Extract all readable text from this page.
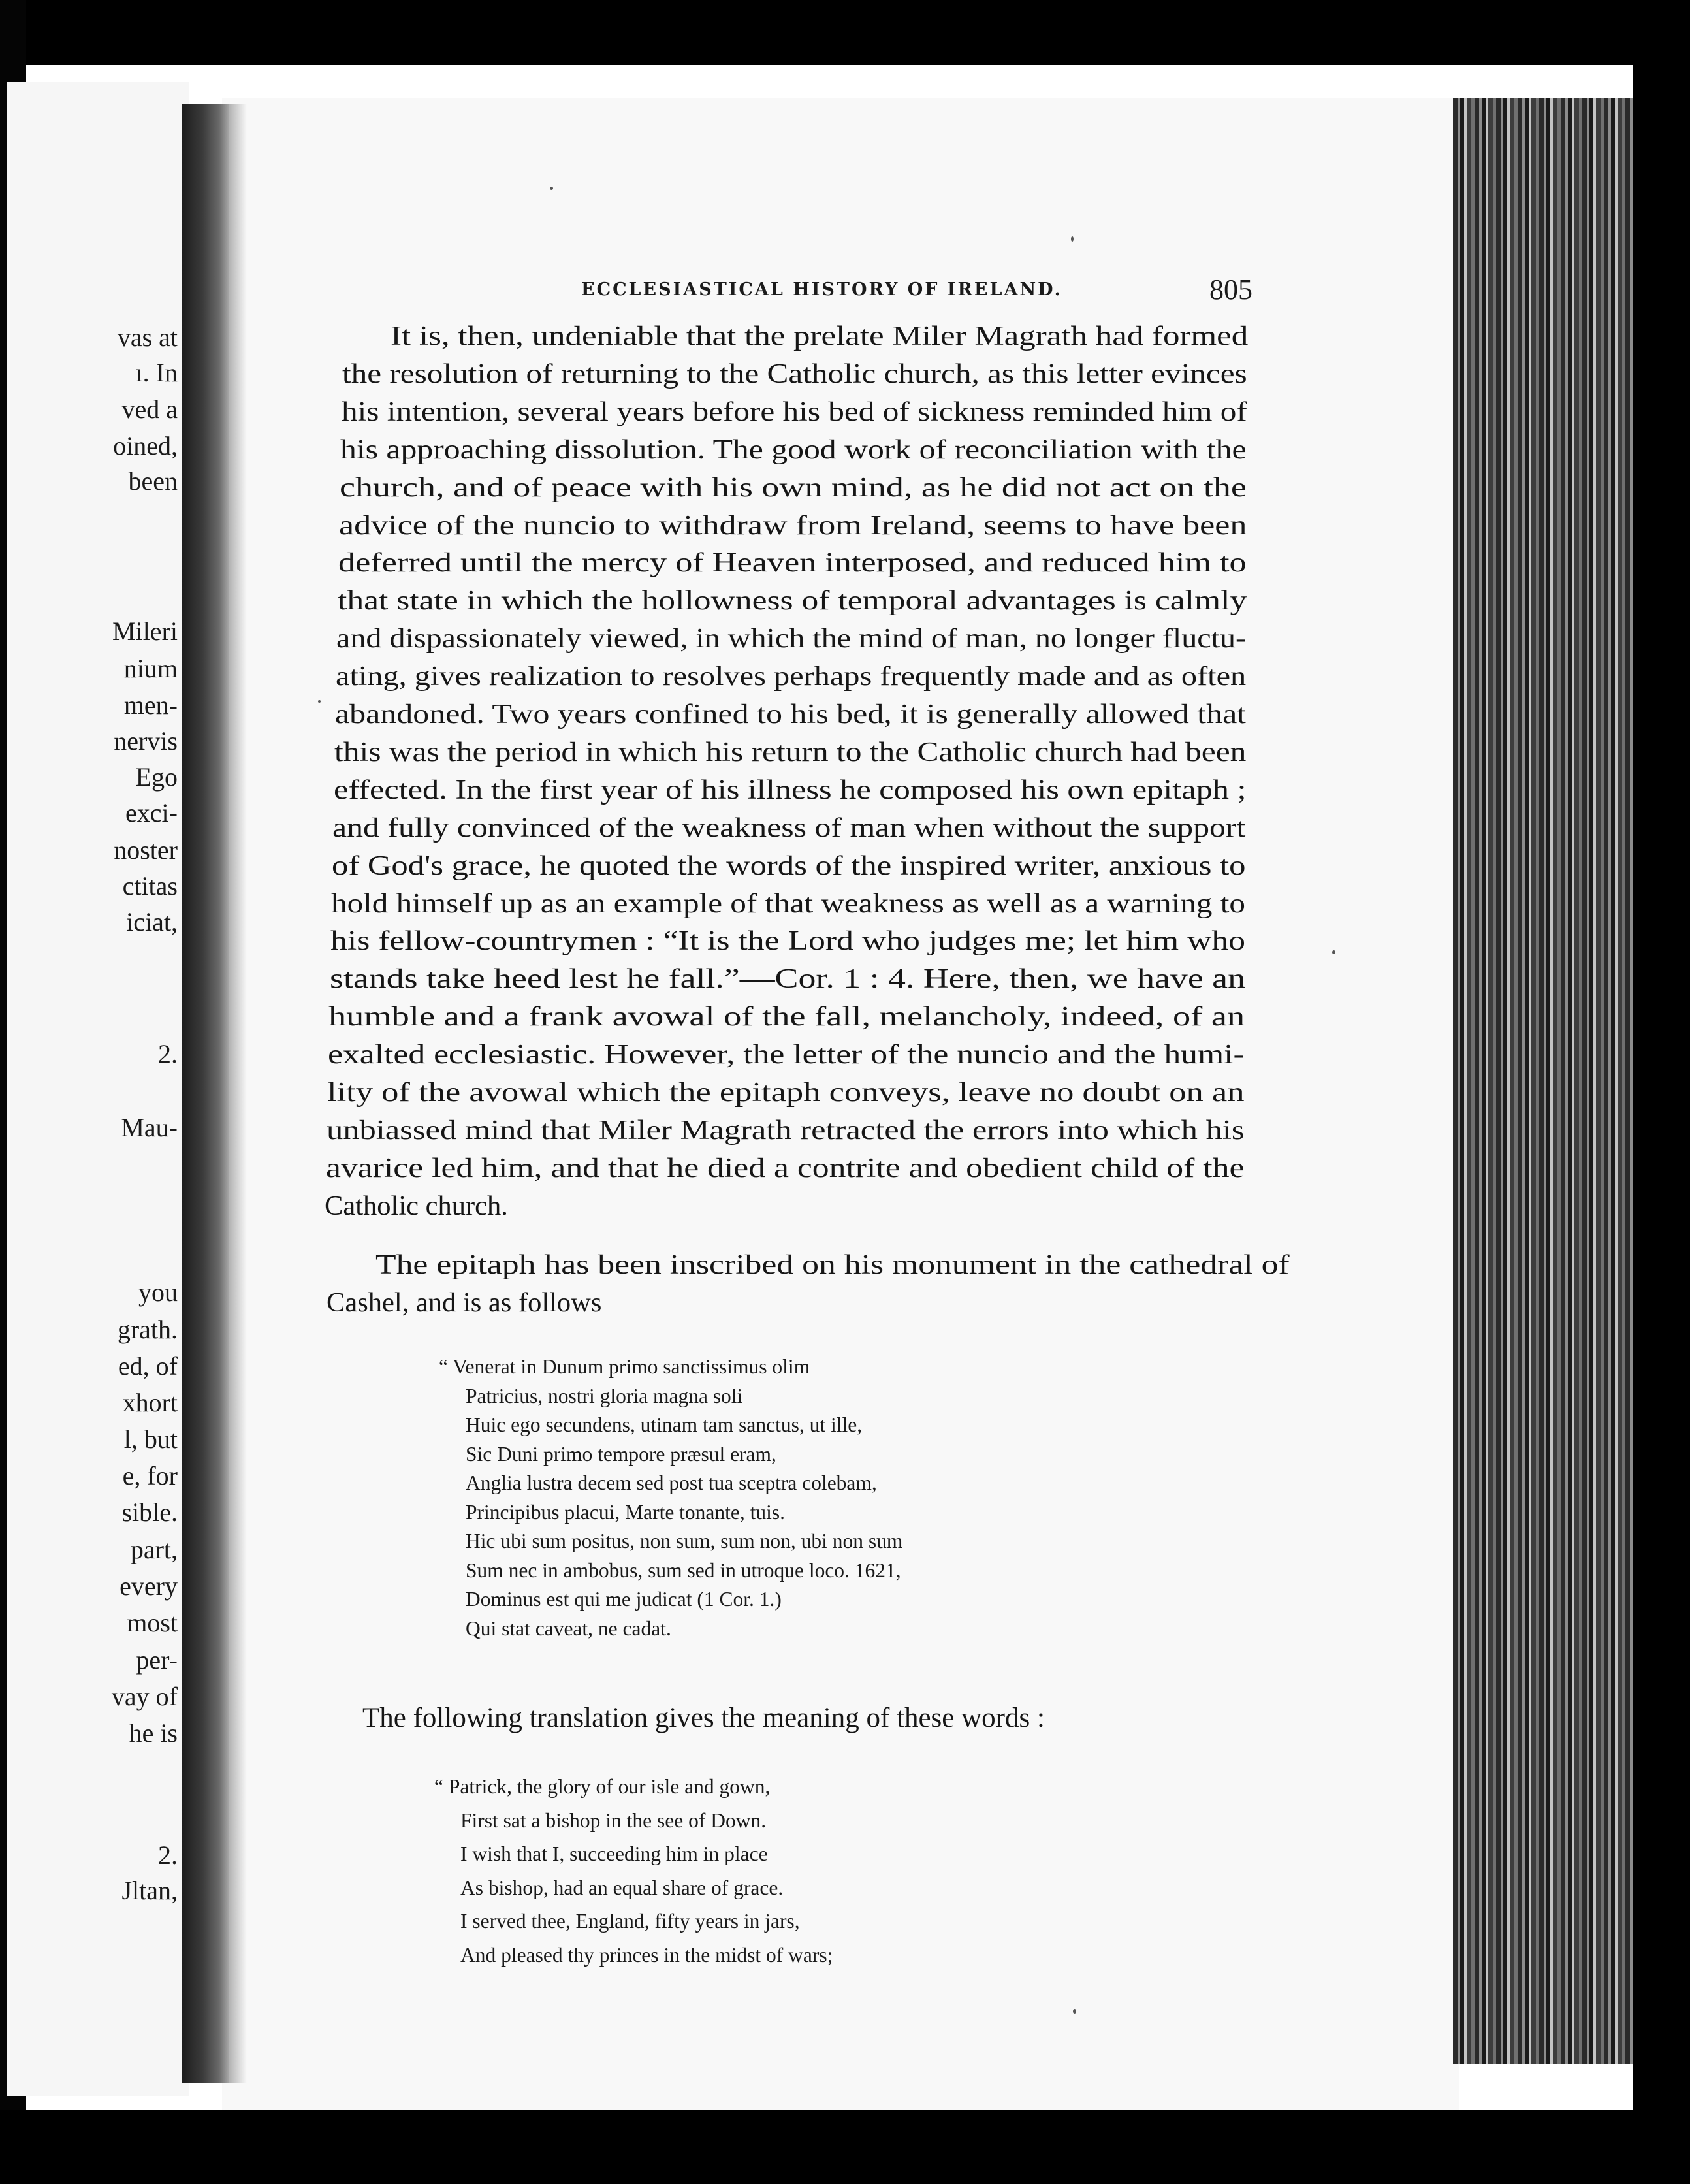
vas at
ı. In
ved a
oined,
been
Mileri
nium
men-
nervis
Ego
exci-
noster
ctitas
iciat,
2.
Mau-
you
grath.
ed, of
xhort
l, but
e, for
sible.
part,
every
most
per-
vay of
he is
2.
Jltan,
ECCLESIASTICAL HISTORY OF IRELAND.	805
It is, then, undeniable that the prelate Miler Magrath had formed
the resolution of returning to the Catholic church, as this letter evinces
his intention, several years before his bed of sickness reminded him of
his approaching dissolution. The good work of reconciliation with the
church, and of peace with his own mind, as he did not act on the
advice of the nuncio to withdraw from Ireland, seems to have been
deferred until the mercy of Heaven interposed, and reduced him to
that state in which the hollowness of temporal advantages is calmly
and dispassionately viewed, in which the mind of man, no longer fluctu-
ating, gives realization to resolves perhaps frequently made and as often
abandoned. Two years confined to his bed, it is generally allowed that
this was the period in which his return to the Catholic church had been
effected. In the first year of his illness he composed his own epitaph ;
and fully convinced of the weakness of man when without the support
of God's grace, he quoted the words of the inspired writer, anxious to
hold himself up as an example of that weakness as well as a warning to
his fellow-countrymen : “It is the Lord who judges me; let him who
stands take heed lest he fall.”—Cor. 1 : 4. Here, then, we have an
humble and a frank avowal of the fall, melancholy, indeed, of an
exalted ecclesiastic. However, the letter of the nuncio and the humi-
lity of the avowal which the epitaph conveys, leave no doubt on an
unbiassed mind that Miler Magrath retracted the errors into which his
avarice led him, and that he died a contrite and obedient child of the
Catholic church.
The epitaph has been inscribed on his monument in the cathedral of
Cashel, and is as follows
“ Venerat in Dunum primo sanctissimus olim
Patricius, nostri gloria magna soli
Huic ego secundens, utinam tam sanctus, ut ille,
Sic Duni primo tempore præsul eram,
Anglia lustra decem sed post tua sceptra colebam,
Principibus placui, Marte tonante, tuis.
Hic ubi sum positus, non sum, sum non, ubi non sum
Sum nec in ambobus, sum sed in utroque loco. 1621,
Dominus est qui me judicat (1 Cor. 1.)
Qui stat caveat, ne cadat.
The following translation gives the meaning of these words :
“ Patrick, the glory of our isle and gown,
First sat a bishop in the see of Down.
I wish that I, succeeding him in place
As bishop, had an equal share of grace.
I served thee, England, fifty years in jars,
And pleased thy princes in the midst of wars;
